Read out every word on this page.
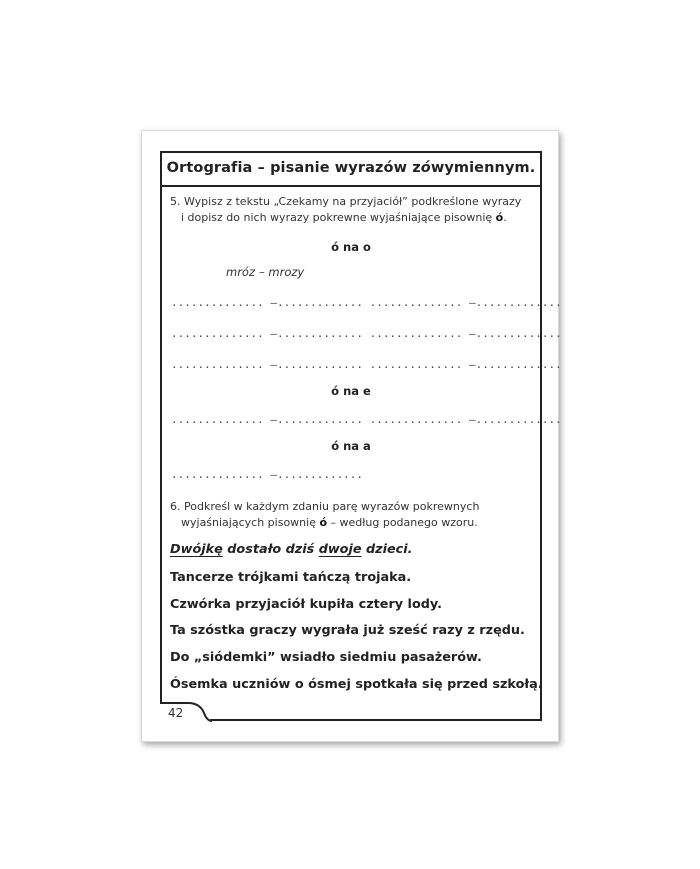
Ortografia – pisanie wyrazów z ó wymiennym.
5. Wypisz z tekstu „Czekamy na przyjaciół” podkreślone wyrazy
i dopisz do nich wyrazy pokrewne wyjaśniające pisownię ó.
ó na o
mróz – mrozy
.............. –............. .............. –.............
.............. –............. .............. –.............
.............. –............. .............. –.............
ó na e
.............. –............. .............. –.............
ó na a
.............. –.............
6. Podkreśl w każdym zdaniu parę wyrazów pokrewnych
wyjaśniających pisownię ó – według podanego wzoru.
Dwójkę dostało dziś dwoje dzieci.
Tancerze trójkami tańczą trojaka.
Czwórka przyjaciół kupiła cztery lody.
Ta szóstka graczy wygrała już sześć razy z rzędu.
Do „siódemki” wsiadło siedmiu pasażerów.
Ósemka uczniów o ósmej spotkała się przed szkołą.
42
